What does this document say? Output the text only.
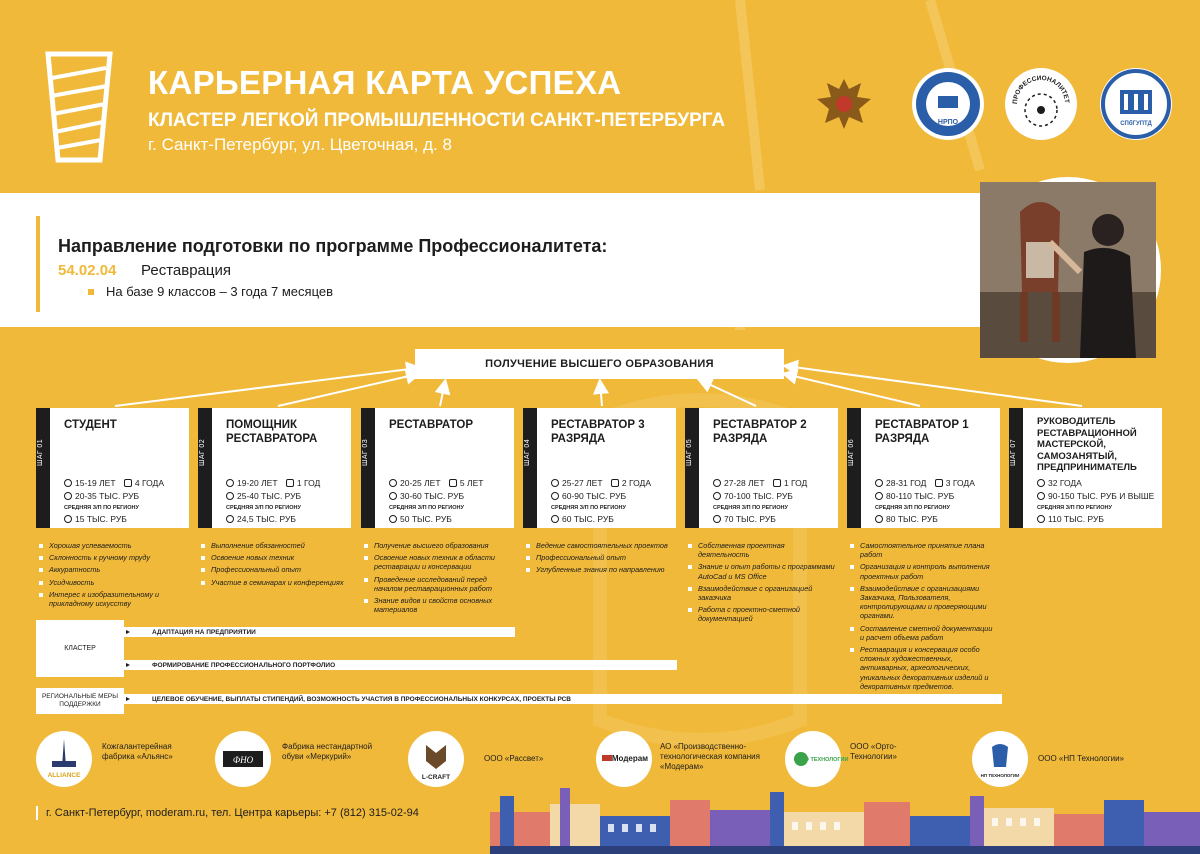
КАРЬЕРНАЯ КАРТА УСПЕХА
КЛАСТЕР ЛЕГКОЙ ПРОМЫШЛЕННОСТИ САНКТ-ПЕТЕРБУРГА
г. Санкт-Петербург, ул. Цветочная, д. 8
НРПО
ПРОФЕССИОНАЛИТЕТ
СПбГУПТД
Направление подготовки по программе Профессионалитета:
54.02.04 Реставрация
На базе 9 классов – 3 года 7 месяцев
ПОЛУЧЕНИЕ ВЫСШЕГО ОБРАЗОВАНИЯ
ШАГ 01
СТУДЕНТ
15-19 ЛЕТ
4 ГОДА
20-35 ТЫС. РУБ
СРЕДНЯЯ З/П ПО РЕГИОНУ
15 ТЫС. РУБ
ШАГ 02
ПОМОЩНИК РЕСТАВРАТОРА
19-20 ЛЕТ
1 ГОД
25-40 ТЫС. РУБ
СРЕДНЯЯ З/П ПО РЕГИОНУ
24,5 ТЫС. РУБ
ШАГ 03
РЕСТАВРАТОР
20-25 ЛЕТ
5 ЛЕТ
30-60 ТЫС. РУБ
СРЕДНЯЯ З/П ПО РЕГИОНУ
50 ТЫС. РУБ
ШАГ 04
РЕСТАВРАТОР 3 РАЗРЯДА
25-27 ЛЕТ
2 ГОДА
60-90 ТЫС. РУБ
СРЕДНЯЯ З/П ПО РЕГИОНУ
60 ТЫС. РУБ
ШАГ 05
РЕСТАВРАТОР 2 РАЗРЯДА
27-28 ЛЕТ
1 ГОД
70-100 ТЫС. РУБ
СРЕДНЯЯ З/П ПО РЕГИОНУ
70 ТЫС. РУБ
ШАГ 06
РЕСТАВРАТОР 1 РАЗРЯДА
28-31 ГОД
3 ГОДА
80-110 ТЫС. РУБ
СРЕДНЯЯ З/П ПО РЕГИОНУ
80 ТЫС. РУБ
ШАГ 07
РУКОВОДИТЕЛЬ РЕСТАВРАЦИОННОЙ МАСТЕРСКОЙ, САМОЗАНЯТЫЙ, ПРЕДПРИНИМАТЕЛЬ
32 ГОДА
90-150 ТЫС. РУБ И ВЫШЕ
СРЕДНЯЯ З/П ПО РЕГИОНУ
110 ТЫС. РУБ
Хорошая успеваемость
Склонность к ручному труду
Аккуратность
Усидчивость
Интерес к изобразительному и прикладному искусству
Выполнение обязанностей
Освоение новых техник
Профессиональный опыт
Участие в семинарах и конференциях
Получение высшего образования
Освоение новых техник в области реставрации и консервации
Проведение исследований перед началом реставрационных работ
Знание видов и свойств основных материалов
Ведение самостоятельных проектов
Профессиональный опыт
Углубленные знания по направлению
Собственная проектная деятельность
Знание и опыт работы с программами AutoCad и MS Office
Взаимодействие с организацией заказчика
Работа с проектно-сметной документацией
Самостоятельное принятие плана работ
Организация и контроль выполнения проектных работ
Взаимодействие с организациями Заказчика, Пользователя, контролирующими и проверяющими органами.
Составление сметной документации и расчет объема работ
Реставрация и консервация особо сложных художественных, антикварных, археологических, уникальных декоративных изделий и декоративных предметов.
КЛАСТЕР
АДАПТАЦИЯ НА ПРЕДПРИЯТИИ
ФОРМИРОВАНИЕ ПРОФЕССИОНАЛЬНОГО ПОРТФОЛИО
РЕГИОНАЛЬНЫЕ МЕРЫ ПОДДЕРЖКИ
ЦЕЛЕВОЕ ОБУЧЕНИЕ, ВЫПЛАТЫ СТИПЕНДИЙ, ВОЗМОЖНОСТЬ УЧАСТИЯ В ПРОФЕССИОНАЛЬНЫХ КОНКУРСАХ, ПРОЕКТЫ РСВ
ALLIANCE
Кожгалантерейная фабрика «Альянс»	ФНО
Фабрика нестандартной обуви «Меркурий»
L-CRAFT
ООО «Рассвет»	Модерам
АО «Производственно-технологическая компания «Модерам»
ОРТО ТЕХНОЛОГИИ
ООО «Орто-Технологии»
НП ТЕХНОЛОГИИ
ООО «НП Технологии»
г. Санкт-Петербург, moderam.ru, тел. Центра карьеры: +7 (812) 315-02-94
